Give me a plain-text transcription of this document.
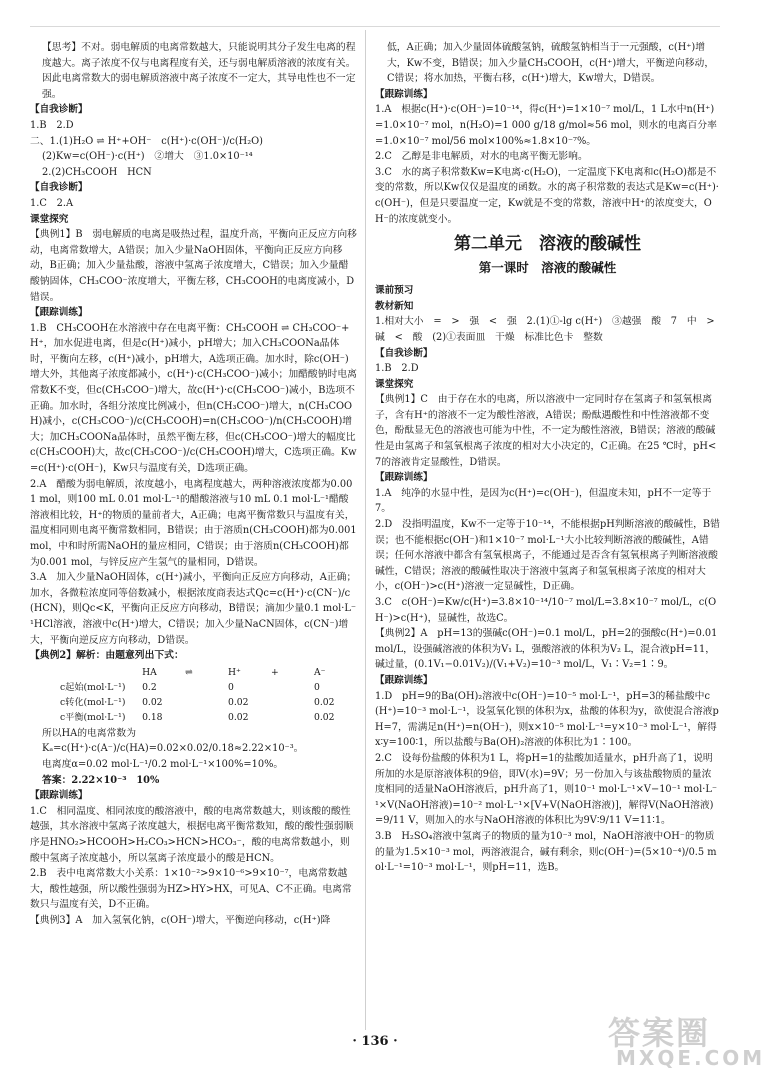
【思考】不对。弱电解质的电离常数越大，只能说明其分子发生电离的程度越大。离子浓度不仅与电离程度有关，还与弱电解质溶液的浓度有关。因此电离常数大的弱电解质溶液中离子浓度不一定大，其导电性也不一定强。
【自我诊断】
1.B　2.D
二、1.(1)H₂O ⇌ H⁺+OH⁻　c(H⁺)·c(OH⁻)/c(H₂O)
(2)Kw=c(OH⁻)·c(H⁺)　②增大　③1.0×10⁻¹⁴
2.(2)CH₃COOH　HCN
【自我诊断】
1.C　2.A
课堂探究
【典例1】B　弱电解质的电离是吸热过程，温度升高，平衡向正反应方向移动，电离常数增大，A错误；加入少量NaOH固体，平衡向正反应方向移动，B正确；加入少量盐酸，溶液中氢离子浓度增大，C错误；加入少量醋酸钠固体，CH₃COO⁻浓度增大，平衡左移，CH₃COOH的电离度减小，D错误。
【跟踪训练】
1.B　CH₃COOH在水溶液中存在电离平衡：CH₃COOH ⇌ CH₃COO⁻+H⁺，加水促进电离，但是c(H⁺)减小，pH增大；加入CH₃COONa晶体时，平衡向左移，c(H⁺)减小，pH增大，A选项正确。加水时，除c(OH⁻)增大外，其他离子浓度都减小，c(H⁺)·c(CH₃COO⁻)减小；加醋酸钠时电离常数K不变，但c(CH₃COO⁻)增大，故c(H⁺)·c(CH₃COO⁻)减小，B选项不正确。加水时，各组分浓度比例减小，但n(CH₃COO⁻)增大，n(CH₃COOH)减小，c(CH₃COO⁻)/c(CH₃COOH)=n(CH₃COO⁻)/n(CH₃COOH)增大；加CH₃COONa晶体时，虽然平衡左移，但c(CH₃COO⁻)增大的幅度比c(CH₃COOH)大，故c(CH₃COO⁻)/c(CH₃COOH)增大，C选项正确。Kw=c(H⁺)·c(OH⁻)，Kw只与温度有关，D选项正确。
2.A　醋酸为弱电解质，浓度越小，电离程度越大，两种溶液浓度都为0.001 mol，则100 mL 0.01 mol·L⁻¹的醋酸溶液与10 mL 0.1 mol·L⁻¹醋酸溶液相比较，H⁺的物质的量前者大，A正确；电离平衡常数只与温度有关，温度相同则电离平衡常数相同，B错误；由于溶质n(CH₃COOH)都为0.001 mol，中和时所需NaOH的量应相同，C错误；由于溶质n(CH₃COOH)都为0.001 mol，与锌反应产生氢气的量相同，D错误。
3.A　加入少量NaOH固体，c(H⁺)减小，平衡向正反应方向移动，A正确；加水，各微粒浓度同等倍数减小，根据浓度商表达式Qc=c(H⁺)·c(CN⁻)/c(HCN)，则Qc<K，平衡向正反应方向移动，B错误；滴加少量0.1 mol·L⁻¹HCl溶液，溶液中c(H⁺)增大，C错误；加入少量NaCN固体，c(CN⁻)增大，平衡向逆反应方向移动，D错误。
【典例2】解析：由题意列出下式：
HA	⇌	H⁺	+	A⁻
c起始(mol·L⁻¹)	0.2	0	0
c转化(mol·L⁻¹)	0.02	0.02	0.02
c平衡(mol·L⁻¹)	0.18	0.02	0.02
所以HA的电离常数为
Kₐ=c(H⁺)·c(A⁻)/c(HA)=0.02×0.02/0.18≈2.22×10⁻³。
电离度α=0.02 mol·L⁻¹/0.2 mol·L⁻¹×100%=10%。
答案：2.22×10⁻³　10%
【跟踪训练】
1.C　相同温度、相同浓度的酸溶液中，酸的电离常数越大，则该酸的酸性越强，其水溶液中氢离子浓度越大，根据电离平衡常数知，酸的酸性强弱顺序是HNO₂>HCOOH>H₂CO₃>HCN>HCO₃⁻，酸的电离常数越小，则酸中氢离子浓度越小，所以氢离子浓度最小的酸是HCN。
2.B　表中电离常数大小关系：1×10⁻²>9×10⁻⁶>9×10⁻⁷，电离常数越大，酸性越强，所以酸性强弱为HZ>HY>HX，可见A、C不正确。电离常数只与温度有关，D不正确。
【典例3】A　加入氢氧化钠，c(OH⁻)增大，平衡逆向移动，c(H⁺)降
低，A正确；加入少量固体硫酸氢钠，硫酸氢钠相当于一元强酸，c(H⁺)增大，Kw不变，B错误；加入少量CH₃COOH，c(H⁺)增大，平衡逆向移动，C错误；将水加热，平衡右移，c(H⁺)增大，Kw增大，D错误。
【跟踪训练】
1.A　根据c(H⁺)·c(OH⁻)=10⁻¹⁴，得c(H⁺)=1×10⁻⁷ mol/L，1 L水中n(H⁺)=1.0×10⁻⁷ mol，n(H₂O)=1 000 g/18 g/mol≈56 mol，则水的电离百分率=1.0×10⁻⁷ mol/56 mol×100%≈1.8×10⁻⁷%。
2.C　乙醇是非电解质，对水的电离平衡无影响。
3.C　水的离子积常数Kw=K电离·c(H₂O)，一定温度下K电离和c(H₂O)都是不变的常数，所以Kw仅仅是温度的函数。水的离子积常数的表达式是Kw=c(H⁺)·c(OH⁻)，但是只要温度一定，Kw就是不变的常数，溶液中H⁺的浓度变大，OH⁻的浓度就变小。
第二单元　溶液的酸碱性
第一课时　溶液的酸碱性
课前预习
教材新知
1.相对大小　=　>　强　<　强　2.(1)①-lg c(H⁺)　③越强　酸　7　中　>　碱　<　酸　(2)①表面皿　干燥　标准比色卡　整数
【自我诊断】
1.B　2.D
课堂探究
【典例1】C　由于存在水的电离，所以溶液中一定同时存在氢离子和氢氧根离子，含有H⁺的溶液不一定为酸性溶液，A错误；酚酞遇酸性和中性溶液都不变色，酚酞显无色的溶液也可能为中性，不一定为酸性溶液，B错误；溶液的酸碱性是由氢离子和氢氧根离子浓度的相对大小决定的，C正确。在25 ℃时，pH<7的溶液肯定显酸性，D错误。
【跟踪训练】
1.A　纯净的水显中性，是因为c(H⁺)=c(OH⁻)，但温度未知，pH不一定等于7。
2.D　没指明温度，Kw不一定等于10⁻¹⁴，不能根据pH判断溶液的酸碱性，B错误；也不能根据c(OH⁻)和1×10⁻⁷ mol·L⁻¹大小比较判断溶液的酸碱性，A错误；任何水溶液中都含有氢氧根离子，不能通过是否含有氢氧根离子判断溶液酸碱性，C错误；溶液的酸碱性取决于溶液中氢离子和氢氧根离子浓度的相对大小，c(OH⁻)>c(H⁺)溶液一定显碱性，D正确。
3.C　c(OH⁻)=Kw/c(H⁺)=3.8×10⁻¹⁴/10⁻⁷ mol/L=3.8×10⁻⁷ mol/L，c(OH⁻)>c(H⁺)，显碱性，故选C。
【典例2】A　pH=13的强碱c(OH⁻)=0.1 mol/L，pH=2的强酸c(H⁺)=0.01 mol/L，设强碱溶液的体积为V₁ L，强酸溶液的体积为V₂ L，混合液pH=11，碱过量，(0.1V₁−0.01V₂)/(V₁+V₂)=10⁻³ mol/L，V₁∶V₂=1∶9。
【跟踪训练】
1.D　pH=9的Ba(OH)₂溶液中c(OH⁻)=10⁻⁵ mol·L⁻¹，pH=3的稀盐酸中c(H⁺)=10⁻³ mol·L⁻¹，设氢氧化钡的体积为x，盐酸的体积为y，欲使混合溶液pH=7，需满足n(H⁺)=n(OH⁻)，则x×10⁻⁵ mol·L⁻¹=y×10⁻³ mol·L⁻¹，解得x∶y=100∶1，所以盐酸与Ba(OH)₂溶液的体积比为1∶100。
2.C　设每份盐酸的体积为1 L，将pH=1的盐酸加适量水，pH升高了1，说明所加的水是原溶液体积的9倍，即V(水)=9V；另一份加入与该盐酸物质的量浓度相同的适量NaOH溶液后，pH升高了1，则10⁻¹ mol·L⁻¹×V−10⁻¹ mol·L⁻¹×V(NaOH溶液)=10⁻² mol·L⁻¹×[V+V(NaOH溶液)]，解得V(NaOH溶液)=9/11 V，则加入的水与NaOH溶液的体积比为9V∶9/11 V=11∶1。
3.B　H₂SO₄溶液中氢离子的物质的量为10⁻³ mol，NaOH溶液中OH⁻的物质的量为1.5×10⁻³ mol，两溶液混合，碱有剩余，则c(OH⁻)=(5×10⁻⁴)/0.5 mol·L⁻¹=10⁻³ mol·L⁻¹，则pH=11，选B。
· 136 ·	答案圈
MXQE.COM
